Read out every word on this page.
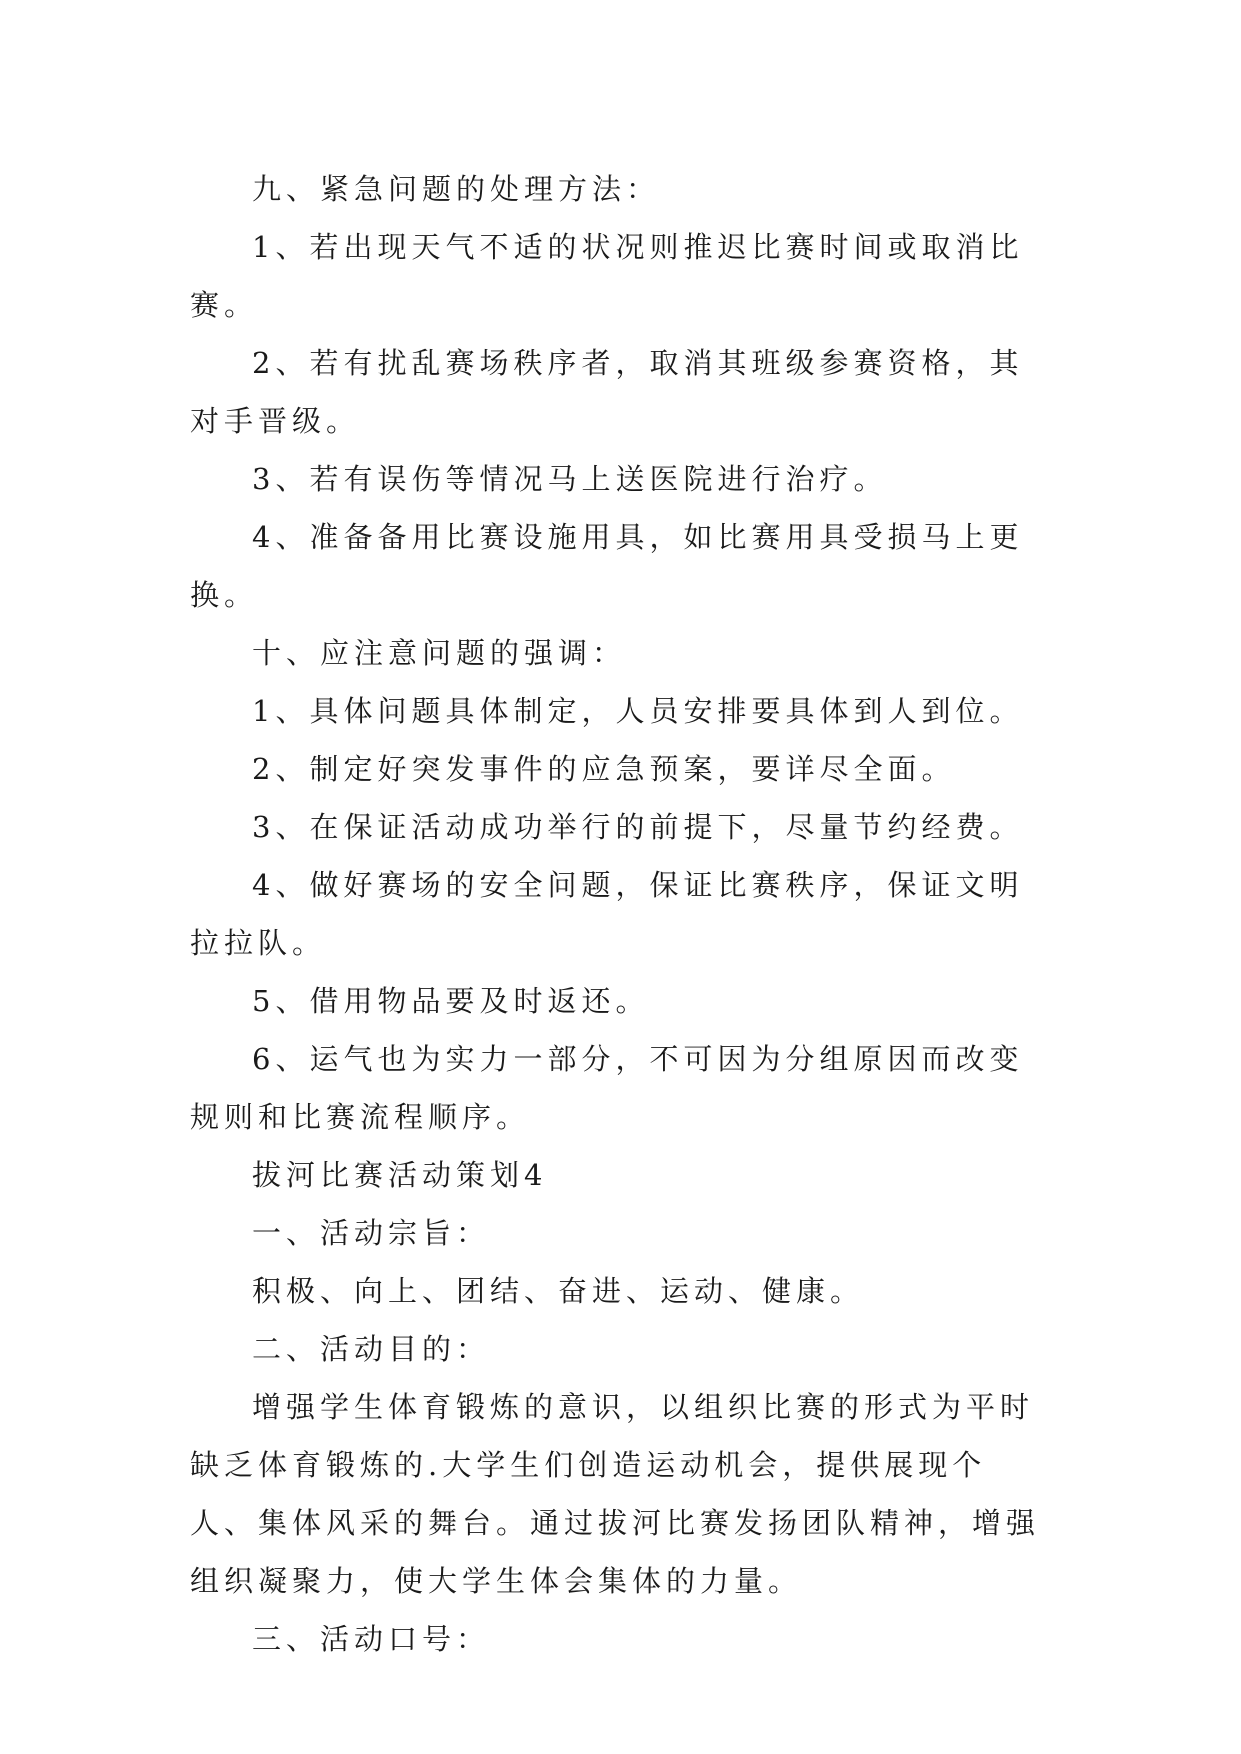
九、紧急问题的处理方法：

1、若出现天气不适的状况则推迟比赛时间或取消比赛。

2、若有扰乱赛场秩序者，取消其班级参赛资格，其对手晋级。

3、若有误伤等情况马上送医院进行治疗。

4、准备备用比赛设施用具，如比赛用具受损马上更换。

十、应注意问题的强调：

1、具体问题具体制定，人员安排要具体到人到位。

2、制定好突发事件的应急预案，要详尽全面。

3、在保证活动成功举行的前提下，尽量节约经费。

4、做好赛场的安全问题，保证比赛秩序，保证文明拉拉队。

5、借用物品要及时返还。

6、运气也为实力一部分，不可因为分组原因而改变规则和比赛流程顺序。

拔河比赛活动策划4

一、活动宗旨：

积极、向上、团结、奋进、运动、健康。

二、活动目的：

增强学生体育锻炼的意识，以组织比赛的形式为平时缺乏体育锻炼的.大学生们创造运动机会，提供展现个人、集体风采的舞台。通过拔河比赛发扬团队精神，增强组织凝聚力，使大学生体会集体的力量。

三、活动口号：
